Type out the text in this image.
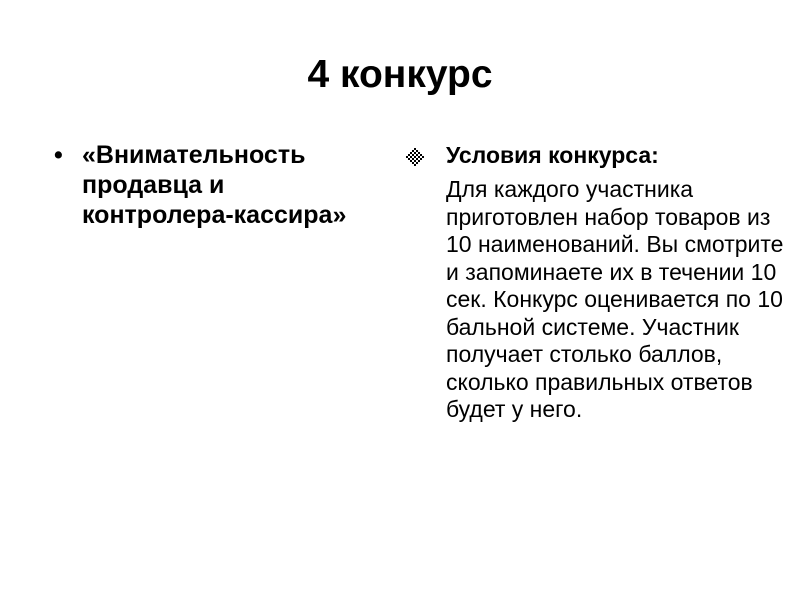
4 конкурс
• «Внимательность продавца и контролера-кассира»
Условия конкурса:
Для каждого участника приготовлен набор товаров из 10 наименований. Вы смотрите и запоминаете их в течении 10 сек. Конкурс оценивается по 10 бальной системе. Участник получает столько баллов, сколько правильных ответов будет у него.
